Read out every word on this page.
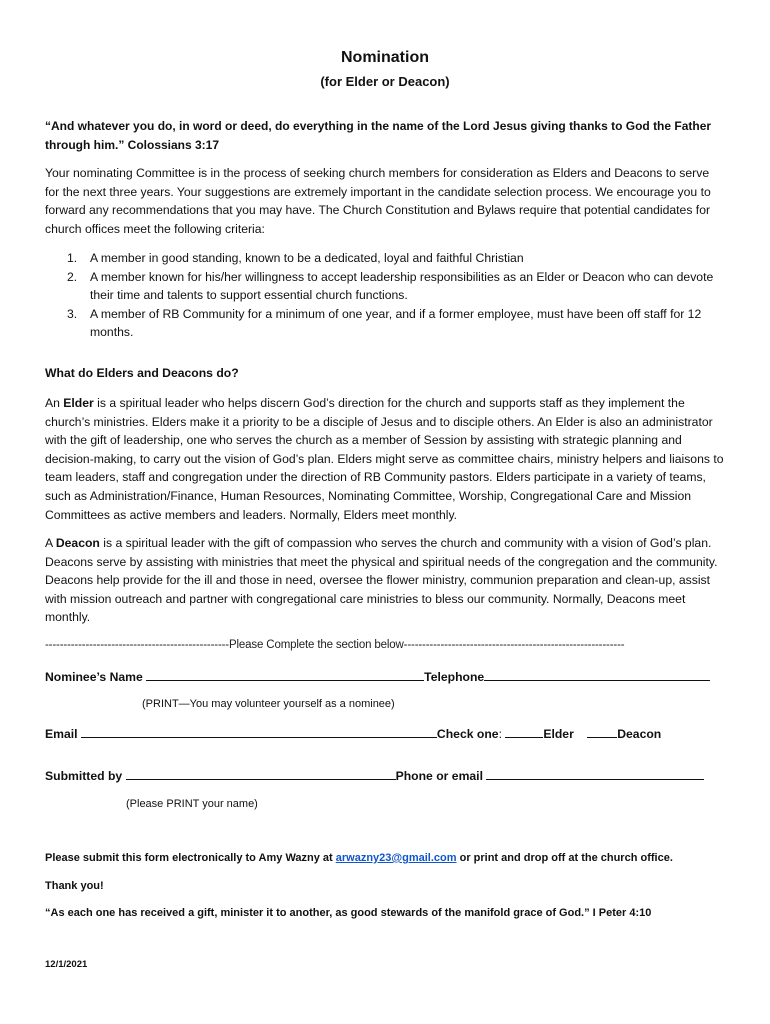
Nomination
(for Elder or Deacon)
“And whatever you do, in word or deed, do everything in the name of the Lord Jesus giving thanks to God the Father through him.” Colossians 3:17
Your nominating Committee is in the process of seeking church members for consideration as Elders and Deacons to serve for the next three years. Your suggestions are extremely important in the candidate selection process. We encourage you to forward any recommendations that you may have. The Church Constitution and Bylaws require that potential candidates for church offices meet the following criteria:
1. A member in good standing, known to be a dedicated, loyal and faithful Christian
2. A member known for his/her willingness to accept leadership responsibilities as an Elder or Deacon who can devote their time and talents to support essential church functions.
3. A member of RB Community for a minimum of one year, and if a former employee, must have been off staff for 12 months.
What do Elders and Deacons do?
An Elder is a spiritual leader who helps discern God’s direction for the church and supports staff as they implement the church’s ministries. Elders make it a priority to be a disciple of Jesus and to disciple others. An Elder is also an administrator with the gift of leadership, one who serves the church as a member of Session by assisting with strategic planning and decision-making, to carry out the vision of God’s plan. Elders might serve as committee chairs, ministry helpers and liaisons to team leaders, staff and congregation under the direction of RB Community pastors. Elders participate in a variety of teams, such as Administration/Finance, Human Resources, Nominating Committee, Worship, Congregational Care and Mission Committees as active members and leaders. Normally, Elders meet monthly.
A Deacon is a spiritual leader with the gift of compassion who serves the church and community with a vision of God’s plan. Deacons serve by assisting with ministries that meet the physical and spiritual needs of the congregation and the community. Deacons help provide for the ill and those in need, oversee the flower ministry, communion preparation and clean-up, assist with mission outreach and partner with congregational care ministries to bless our community. Normally, Deacons meet monthly.
--------------------------------------------------Please Complete the section below------------------------------------------------------------
Nominee’s Name	Telephone
(PRINT—You may volunteer yourself as a nominee)
Email	Check one:	Elder	Deacon
Submitted by	Phone or email
(Please PRINT your name)
Please submit this form electronically to Amy Wazny at arwazny23@gmail.com or print and drop off at the church office.
Thank you!
“As each one has received a gift, minister it to another, as good stewards of the manifold grace of God.” I Peter 4:10
12/1/2021
